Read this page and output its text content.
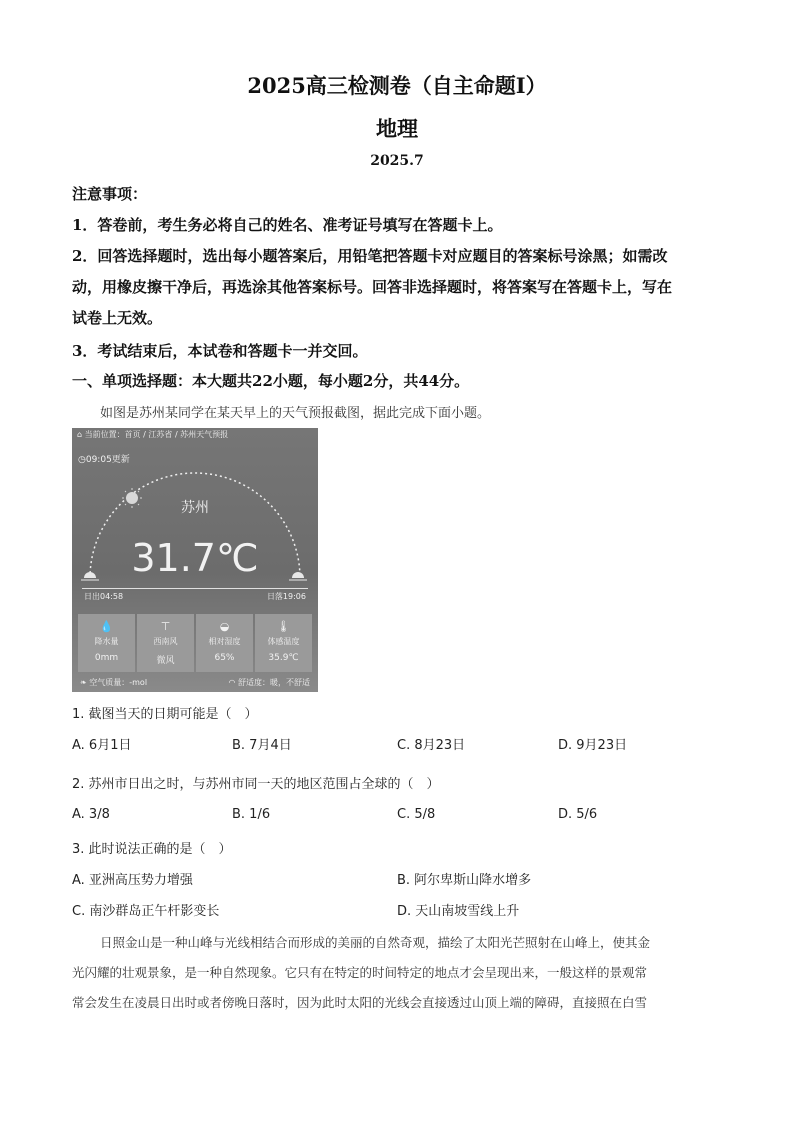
2025高三检测卷（自主命题Ⅰ）
地理
2025.7
注意事项：
1．答卷前，考生务必将自己的姓名、准考证号填写在答题卡上。
2．回答选择题时，选出每小题答案后，用铅笔把答题卡对应题目的答案标号涂黑；如需改
动，用橡皮擦干净后，再选涂其他答案标号。回答非选择题时，将答案写在答题卡上，写在
试卷上无效。
3．考试结束后，本试卷和答题卡一并交回。
一、单项选择题：本大题共22小题，每小题2分，共44分。
如图是苏州某同学在某天早上的天气预报截图，据此完成下面小题。
⌂ 当前位置：首页 / 江苏省 / 苏州天气预报
◷09:05更新
苏州
31.7℃
日出04:58	日落19:06
💧
降水量
0mm
⊤
西南风
微风
◒
相对湿度
65%
🌡
体感温度
35.9℃
❧ 空气质量：-mol	◠ 舒适度：暖，不舒适
1. 截图当天的日期可能是（　）
A. 6月1日	B. 7月4日	C. 8月23日	D. 9月23日
2. 苏州市日出之时，与苏州市同一天的地区范围占全球的（　）
A. 3/8	B. 1/6	C. 5/8	D. 5/6
3. 此时说法正确的是（　）
A. 亚洲高压势力增强	B. 阿尔卑斯山降水增多
C. 南沙群岛正午杆影变长	D. 天山南坡雪线上升
日照金山是一种山峰与光线相结合而形成的美丽的自然奇观，描绘了太阳光芒照射在山峰上，使其金
光闪耀的壮观景象，是一种自然现象。它只有在特定的时间特定的地点才会呈现出来，一般这样的景观常
常会发生在凌晨日出时或者傍晚日落时，因为此时太阳的光线会直接透过山顶上端的障碍，直接照在白雪
